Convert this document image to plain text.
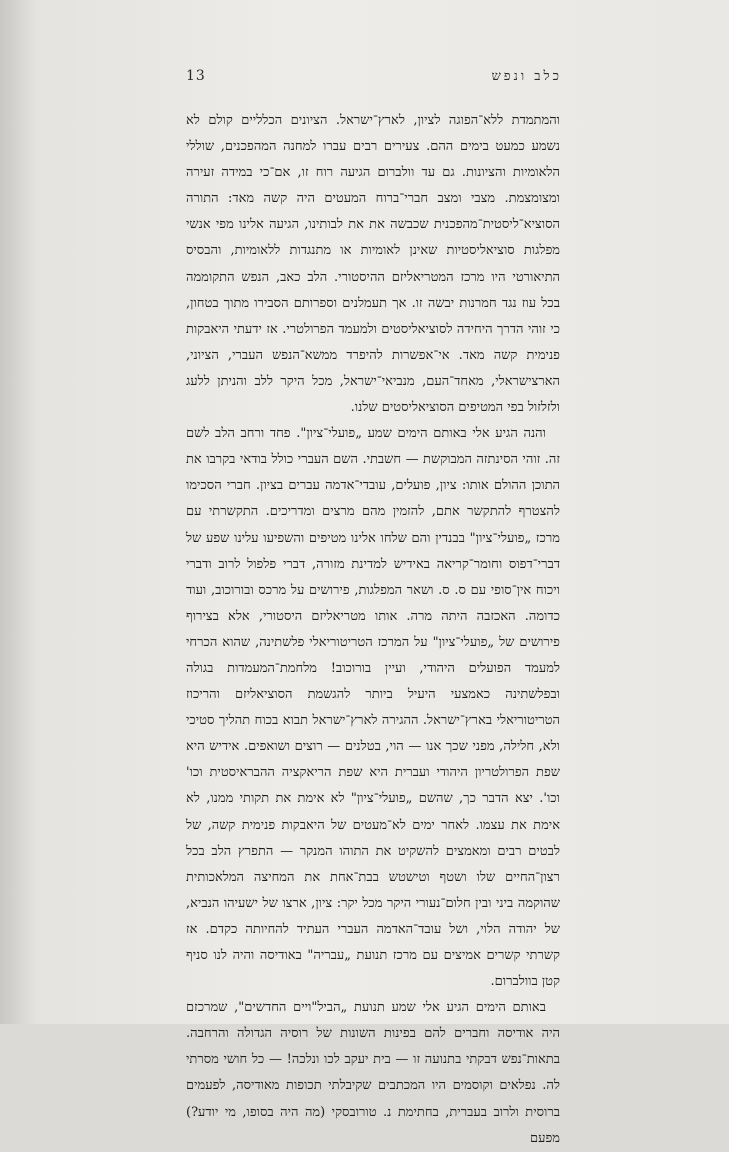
13	כלב ונפש

והמתמדת ללא־הפוגה לציון, לארץ־ישראל. הציונים הכלליים קולם לא נשמע כמעט בימים ההם. צעירים רבים עברו למחנה המהפכנים, שוללי הלאומיות והציונות. גם עד וולברום הגיעה רוח זו, אם־כי במידה זעירה ומצומצמת. מצבי ומצב חברי־ברוח המעטים היה קשה מאד: התורה הסוציא־ליסטית־מהפכנית שכבשה את את לבותינו, הגיעה אלינו מפי אנשי מפלגות סוציאליסטיות שאינן לאומיות או מתנגדות ללאומיות, והבסיס התיאורטי היו מרכז המטריאליזם ההיסטורי. הלב כאב, הנפש התקוממה בכל עוז נגד חמרנות יבשה זו. אך תעמלנים וספרותם הסבירו מתוך בטחון, כי זוהי הדרך היחידה לסוציאליסטים ולמעמד הפרולטרי. אז ידעתי היאבקות פנימית קשה מאד. אי־אפשרות להיפרד ממשא־הנפש העברי, הציוני, הארצישראלי, מאחד־העם, מנביאי־ישראל, מכל היקר ללב והניתן ללעג ולזלזול בפי המטיפים הסוציאליסטים שלנו.

והנה הגיע אלי באותם הימים שמע „פועלי־ציון". פחד ורחב הלב לשם זה. זוהי הסינתזה המבוקשת — חשבתי. השם העברי כולל בודאי בקרבו את התוכן ההולם אותו: ציון, פועלים, עובדי־אדמה עברים בציון. חברי הסכימו להצטרף להתקשר אתם, להזמין מהם מרצים ומדריכים. התקשרתי עם מרכז „פועלי־ציון" בבנדין והם שלחו אלינו מטיפים והשפיעו עלינו שפע של דברי־דפוס וחומר־קריאה באידיש למדינת מזורה, דברי פלפול לרוב ודברי ויכוח אין־סופי עם ס. ס. ושאר המפלגות, פירושים על מרכס ובורוכוב, ועוד כדומה. האכזבה היתה מרה. אותו מטריאליזם היסטורי, אלא בצירוף פירושים של „פועלי־ציון" על המרכז הטריטוריאלי פלשתינה, שהוא הכרחי למעמד הפועלים היהודי, ועיין בורוכוב! מלחמת־המעמדות בגולה ובפלשתינה כאמצעי היעיל ביותר להגשמת הסוציאליזם והריכוז הטריטוריאלי בארץ־ישראל. ההגירה לארץ־ישראל תבוא בכוח תהליך סטיכי ולא, חלילה, מפני שכך אנו — הוי, בטלנים — רוצים ושואפים. אידיש היא שפת הפרולטריון היהודי ועברית היא שפת הריאקציה ההבראיסטית וכו' וכו'. יצא הדבר כך, שהשם „פועלי־ציון" לא אימת את תקותי ממנו, לא אימת את עצמו. לאחר ימים לא־מעטים של היאבקות פנימית קשה, של לבטים רבים ומאמצים להשקיט את התוהו המנקר — התפרץ הלב בכל רצון־החיים שלו ושטף וטישטש בבת־אחת את המחיצה המלאכותית שהוקמה ביני ובין חלום־נעורי היקר מכל יקר: ציון, ארצו של ישעיהו הנביא, של יהודה הלוי, ושל עובד־האדמה העברי העתיד להחיותה כקדם. אז קשרתי קשרים אמיצים עם מרכז תנועת „עבריה" באודיסה והיה לנו סניף קטן בוולברום.

באותם הימים הגיע אלי שמע תנועת „הביל"ויים החדשים", שמרכזם היה אודיסה וחברים להם בפינות השונות של רוסיה הגדולה והרחבה. בתאות־נפש דבקתי בתנועה זו — בית יעקב לכו ונלכה! — כל חושי מסרתי לה. נפלאים וקוסמים היו המכתבים שקיבלתי תכופות מאודיסה, לפעמים ברוסית ולרוב בעברית, בחתימת נ. טורובסקי (מה היה בסופו, מי יודע?) מפעם
